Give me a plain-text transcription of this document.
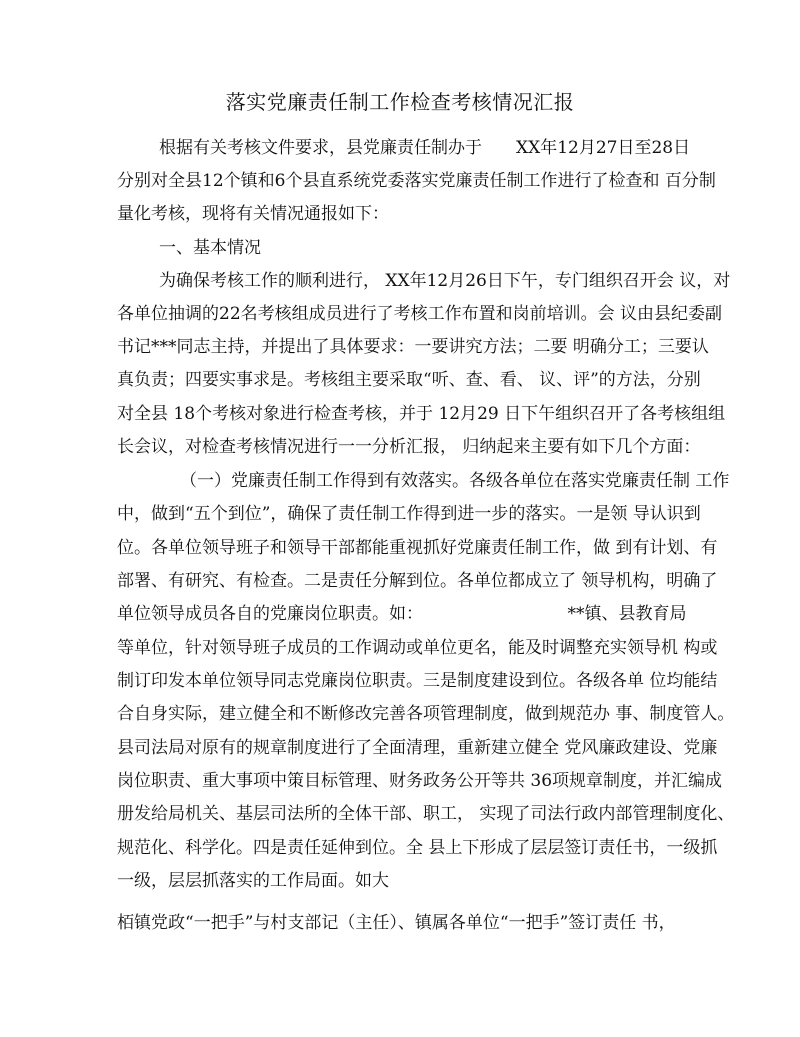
落实党廉责任制工作检查考核情况汇报
根据有关考核文件要求，县党廉责任制办于　　XX年12月27日至28日
分别对全县12个镇和6个县直系统党委落实党廉责任制工作进行了检查和 百分制
量化考核，现将有关情况通报如下：
一、基本情况
为确保考核工作的顺利进行， XX年12月26日下午，专门组织召开会 议，对
各单位抽调的22名考核组成员进行了考核工作布置和岗前培训。会 议由县纪委副
书记***同志主持，并提出了具体要求：一要讲究方法；二要 明确分工；三要认
真负责；四要实事求是。考核组主要采取“听、查、看、 议、评”的方法，分别
对全县 18个考核对象进行检查考核，并于 12月29 日下午组织召开了各考核组组
长会议，对检查考核情况进行一一分析汇报， 归纳起来主要有如下几个方面：
（一）党廉责任制工作得到有效落实。各级各单位在落实党廉责任制 工作
中，做到“五个到位”，确保了责任制工作得到进一步的落实。一是领 导认识到
位。各单位领导班子和领导干部都能重视抓好党廉责任制工作，做 到有计划、有
部署、有研究、有检查。二是责任分解到位。各单位都成立了 领导机构，明确了
单位领导成员各自的党廉岗位职责。如：　　　　　　　　　**镇、县教育局
等单位，针对领导班子成员的工作调动或单位更名，能及时调整充实领导机 构或
制订印发本单位领导同志党廉岗位职责。三是制度建设到位。各级各单 位均能结
合自身实际，建立健全和不断修改完善各项管理制度，做到规范办 事、制度管人。
县司法局对原有的规章制度进行了全面清理，重新建立健全 党风廉政建设、党廉
岗位职责、重大事项中策目标管理、财务政务公开等共 36项规章制度，并汇编成
册发给局机关、基层司法所的全体干部、职工， 实现了司法行政内部管理制度化、
规范化、科学化。四是责任延伸到位。全 县上下形成了层层签订责任书，一级抓
一级，层层抓落实的工作局面。如大
栢镇党政“一把手”与村支部记（主任）、镇属各单位“一把手”签订责任 书，
